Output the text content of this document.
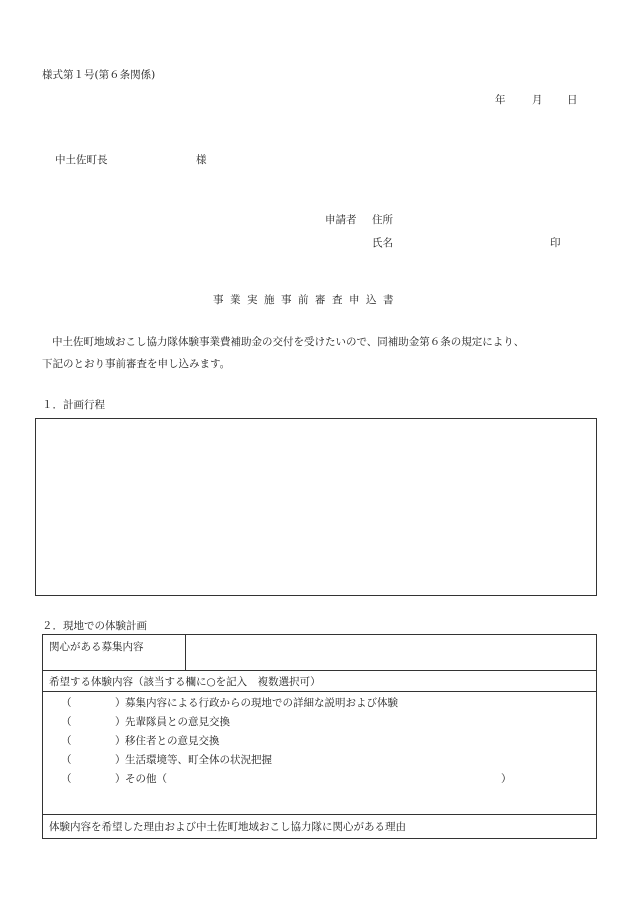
様式第１号(第６条関係)
年	月 日
中土佐町長	様
申請者 住所
氏名	印
事業実施事前審査申込書
中土佐町地域おこし協力隊体験事業費補助金の交付を受けたいので、同補助金第６条の規定により、
下記のとおり事前審査を申し込みます。
１．計画行程
２．現地での体験計画
関心がある募集内容	
希望する体験内容（該当する欄に○を記入　複数選択可）

（	） 募集内容による行政からの現地での詳細な説明および体験
（	） 先輩隊員との意見交換
（	） 移住者との意見交換
（	） 生活環境等、町全体の状況把握
（	） その他（	）

体験内容を希望した理由および中土佐町地域おこし協力隊に関心がある理由
